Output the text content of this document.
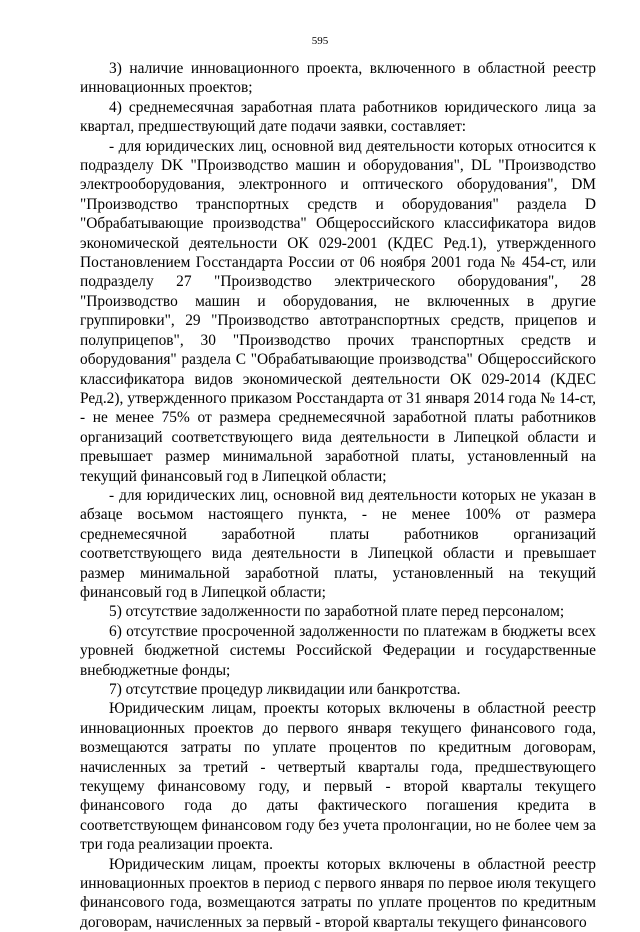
595

3) наличие инновационного проекта, включенного в областной реестр инновационных проектов;

4) среднемесячная заработная плата работников юридического лица за квартал, предшествующий дате подачи заявки, составляет:

- для юридических лиц, основной вид деятельности которых относится к подразделу DK "Производство машин и оборудования", DL "Производство электрооборудования, электронного и оптического оборудования", DM "Производство транспортных средств и оборудования" раздела D "Обрабатывающие производства" Общероссийского классификатора видов экономической деятельности ОК 029-2001 (КДЕС Ред.1), утвержденного Постановлением Госстандарта России от 06 ноября 2001 года № 454-ст, или подразделу 27 "Производство электрического оборудования", 28 "Производство машин и оборудования, не включенных в другие группировки", 29 "Производство автотранспортных средств, прицепов и полуприцепов", 30 "Производство прочих транспортных средств и оборудования" раздела С "Обрабатывающие производства" Общероссийского классификатора видов экономической деятельности ОК 029-2014 (КДЕС Ред.2), утвержденного приказом Росстандарта от 31 января 2014 года № 14-ст, - не менее 75% от размера среднемесячной заработной платы работников организаций соответствующего вида деятельности в Липецкой области и превышает размер минимальной заработной платы, установленный на текущий финансовый год в Липецкой области;

- для юридических лиц, основной вид деятельности которых не указан в абзаце восьмом настоящего пункта, - не менее 100% от размера среднемесячной заработной платы работников организаций соответствующего вида деятельности в Липецкой области и превышает размер минимальной заработной платы, установленный на текущий финансовый год в Липецкой области;

5) отсутствие задолженности по заработной плате перед персоналом;

6) отсутствие просроченной задолженности по платежам в бюджеты всех уровней бюджетной системы Российской Федерации и государственные внебюджетные фонды;

7) отсутствие процедур ликвидации или банкротства.

Юридическим лицам, проекты которых включены в областной реестр инновационных проектов до первого января текущего финансового года, возмещаются затраты по уплате процентов по кредитным договорам, начисленных за третий - четвертый кварталы года, предшествующего текущему финансовому году, и первый - второй кварталы текущего финансового года до даты фактического погашения кредита в соответствующем финансовом году без учета пролонгации, но не более чем за три года реализации проекта.

Юридическим лицам, проекты которых включены в областной реестр инновационных проектов в период с первого января по первое июля текущего финансового года, возмещаются затраты по уплате процентов по кредитным договорам, начисленных за первый - второй кварталы текущего финансового
